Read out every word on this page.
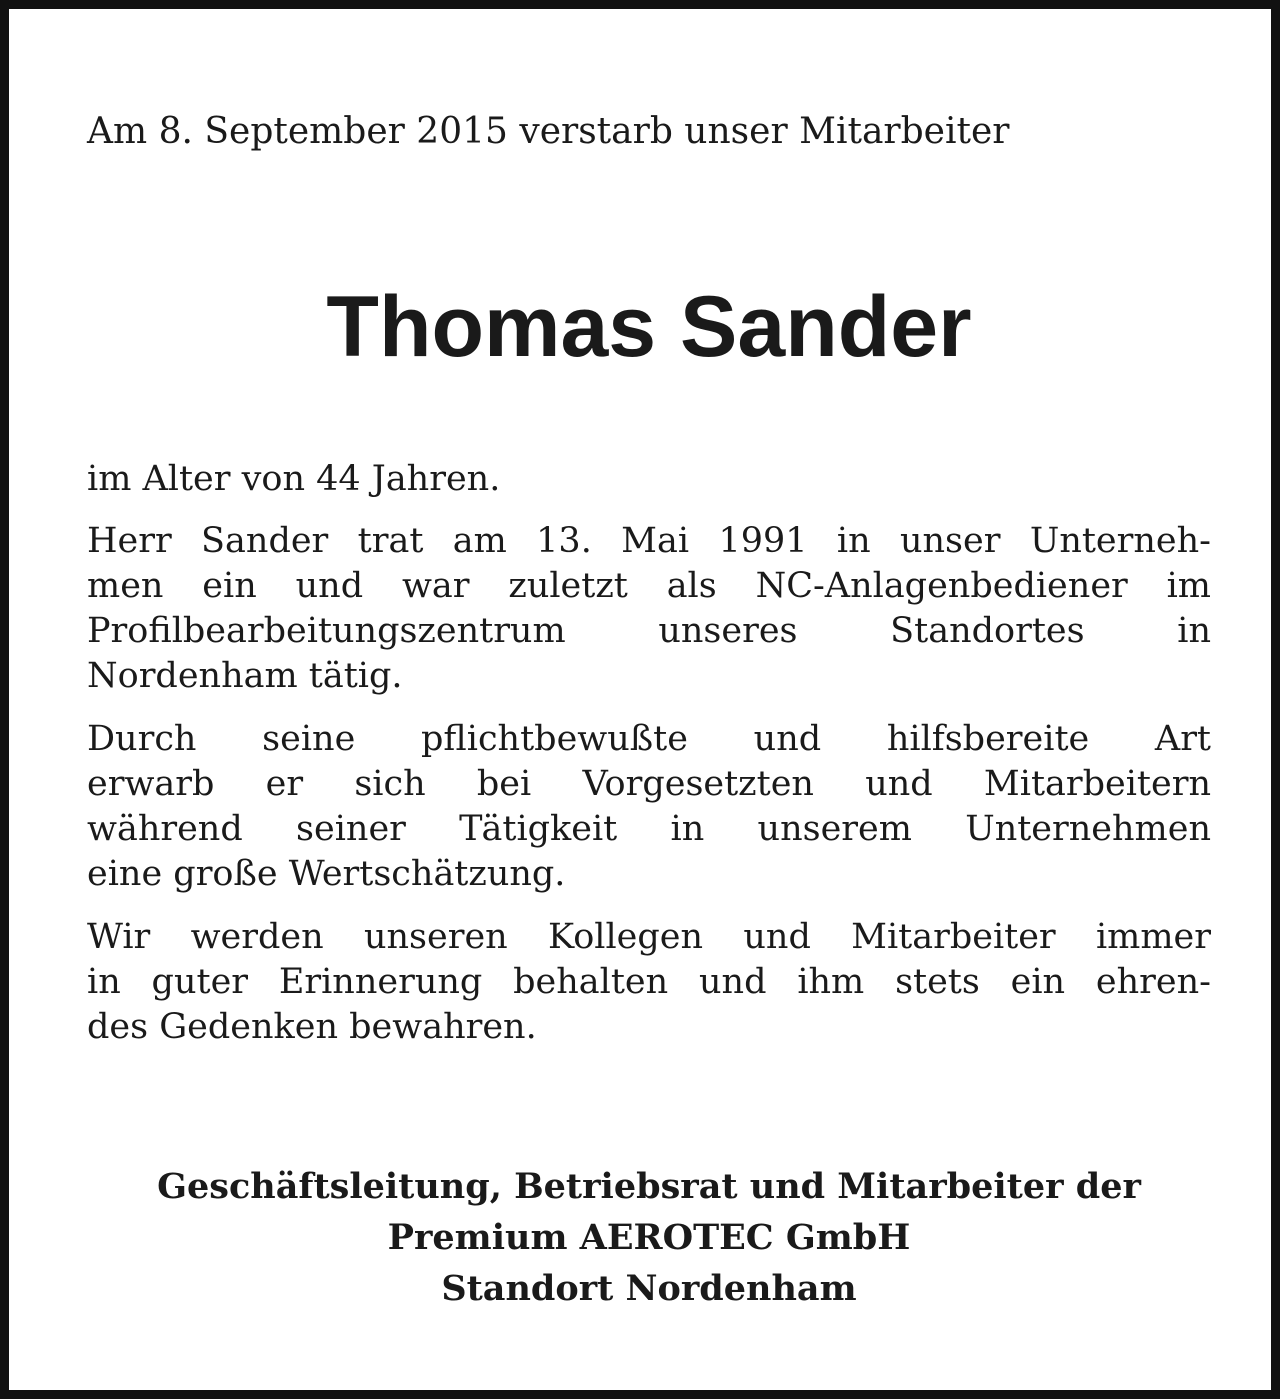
Am 8. September 2015 verstarb unser Mitarbeiter
Thomas Sander
im Alter von 44 Jahren.
Herr Sander trat am 13. Mai 1991 in unser Unterneh-
men ein und war zuletzt als NC-Anlagenbediener im
Profilbearbeitungszentrum unseres Standortes in
Nordenham tätig.
Durch seine pflichtbewußte und hilfsbereite Art
erwarb er sich bei Vorgesetzten und Mitarbeitern
während seiner Tätigkeit in unserem Unternehmen
eine große Wertschätzung.
Wir werden unseren Kollegen und Mitarbeiter immer
in guter Erinnerung behalten und ihm stets ein ehren-
des Gedenken bewahren.
Geschäftsleitung, Betriebsrat und Mitarbeiter der
Premium AEROTEC GmbH
Standort Nordenham
